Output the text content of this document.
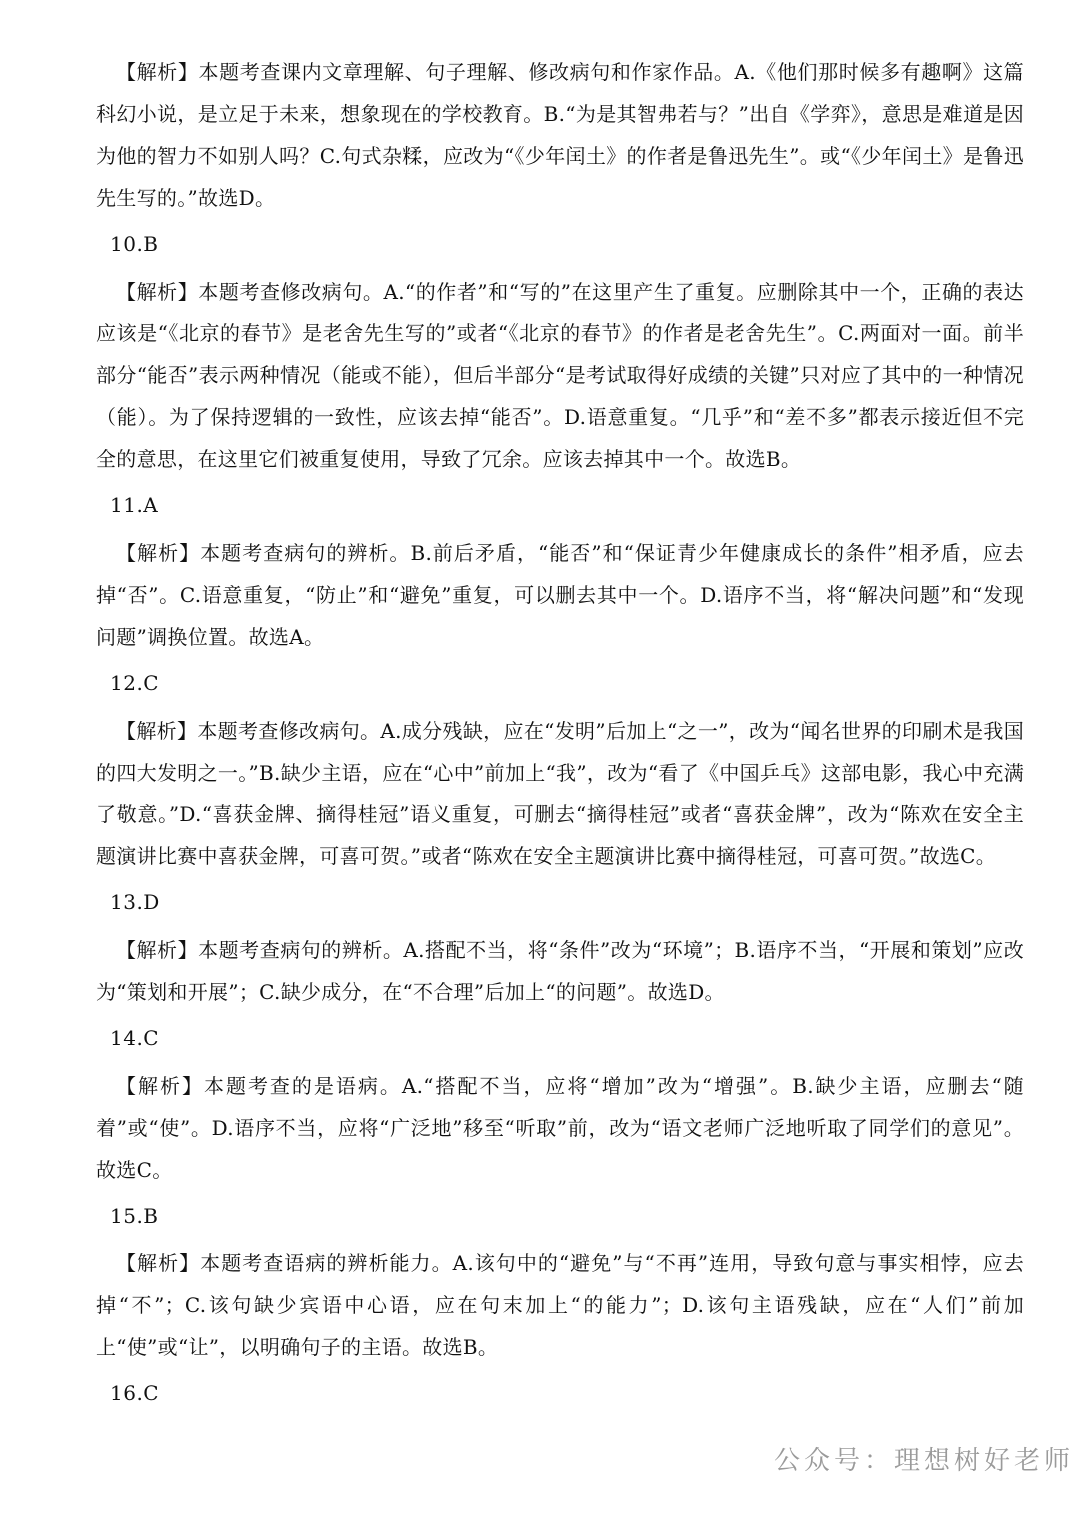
【解析】本题考查课内文章理解、句子理解、修改病句和作家作品。A.《他们那时候多有趣啊》这篇科幻小说，是立足于未来，想象现在的学校教育。B.“为是其智弗若与？”出自《学弈》，意思是难道是因为他的智力不如别人吗？C.句式杂糅，应改为“《少年闰土》的作者是鲁迅先生”。或“《少年闰土》是鲁迅先生写的。”故选D。

10.B

【解析】本题考查修改病句。A.“的作者”和“写的”在这里产生了重复。应删除其中一个，正确的表达应该是“《北京的春节》是老舍先生写的”或者“《北京的春节》的作者是老舍先生”。C.两面对一面。前半部分“能否”表示两种情况（能或不能），但后半部分“是考试取得好成绩的关键”只对应了其中的一种情况（能）。为了保持逻辑的一致性，应该去掉“能否”。D.语意重复。“几乎”和“差不多”都表示接近但不完全的意思，在这里它们被重复使用，导致了冗余。应该去掉其中一个。故选B。

11.A

【解析】本题考查病句的辨析。B.前后矛盾，“能否”和“保证青少年健康成长的条件”相矛盾，应去掉“否”。C.语意重复，“防止”和“避免”重复，可以删去其中一个。D.语序不当，将“解决问题”和“发现问题”调换位置。故选A。

12.C

【解析】本题考查修改病句。A.成分残缺，应在“发明”后加上“之一”，改为“闻名世界的印刷术是我国的四大发明之一。”B.缺少主语，应在“心中”前加上“我”，改为“看了《中国乒乓》这部电影，我心中充满了敬意。”D.“喜获金牌、摘得桂冠”语义重复，可删去“摘得桂冠”或者“喜获金牌”，改为“陈欢在安全主题演讲比赛中喜获金牌，可喜可贺。”或者“陈欢在安全主题演讲比赛中摘得桂冠，可喜可贺。”故选C。

13.D

【解析】本题考查病句的辨析。A.搭配不当，将“条件”改为“环境”；B.语序不当，“开展和策划”应改为“策划和开展”；C.缺少成分，在“不合理”后加上“的问题”。故选D。

14.C

【解析】本题考查的是语病。A.“搭配不当，应将“增加”改为“增强”。B.缺少主语，应删去“随着”或“使”。D.语序不当，应将“广泛地”移至“听取”前，改为“语文老师广泛地听取了同学们的意见”。故选C。

15.B

【解析】本题考查语病的辨析能力。A.该句中的“避免”与“不再”连用，导致句意与事实相悖，应去掉“不”；C.该句缺少宾语中心语，应在句末加上“的能力”；D.该句主语残缺，应在“人们”前加上“使”或“让”，以明确句子的主语。故选B。

16.C
公众号：理想树好老师
